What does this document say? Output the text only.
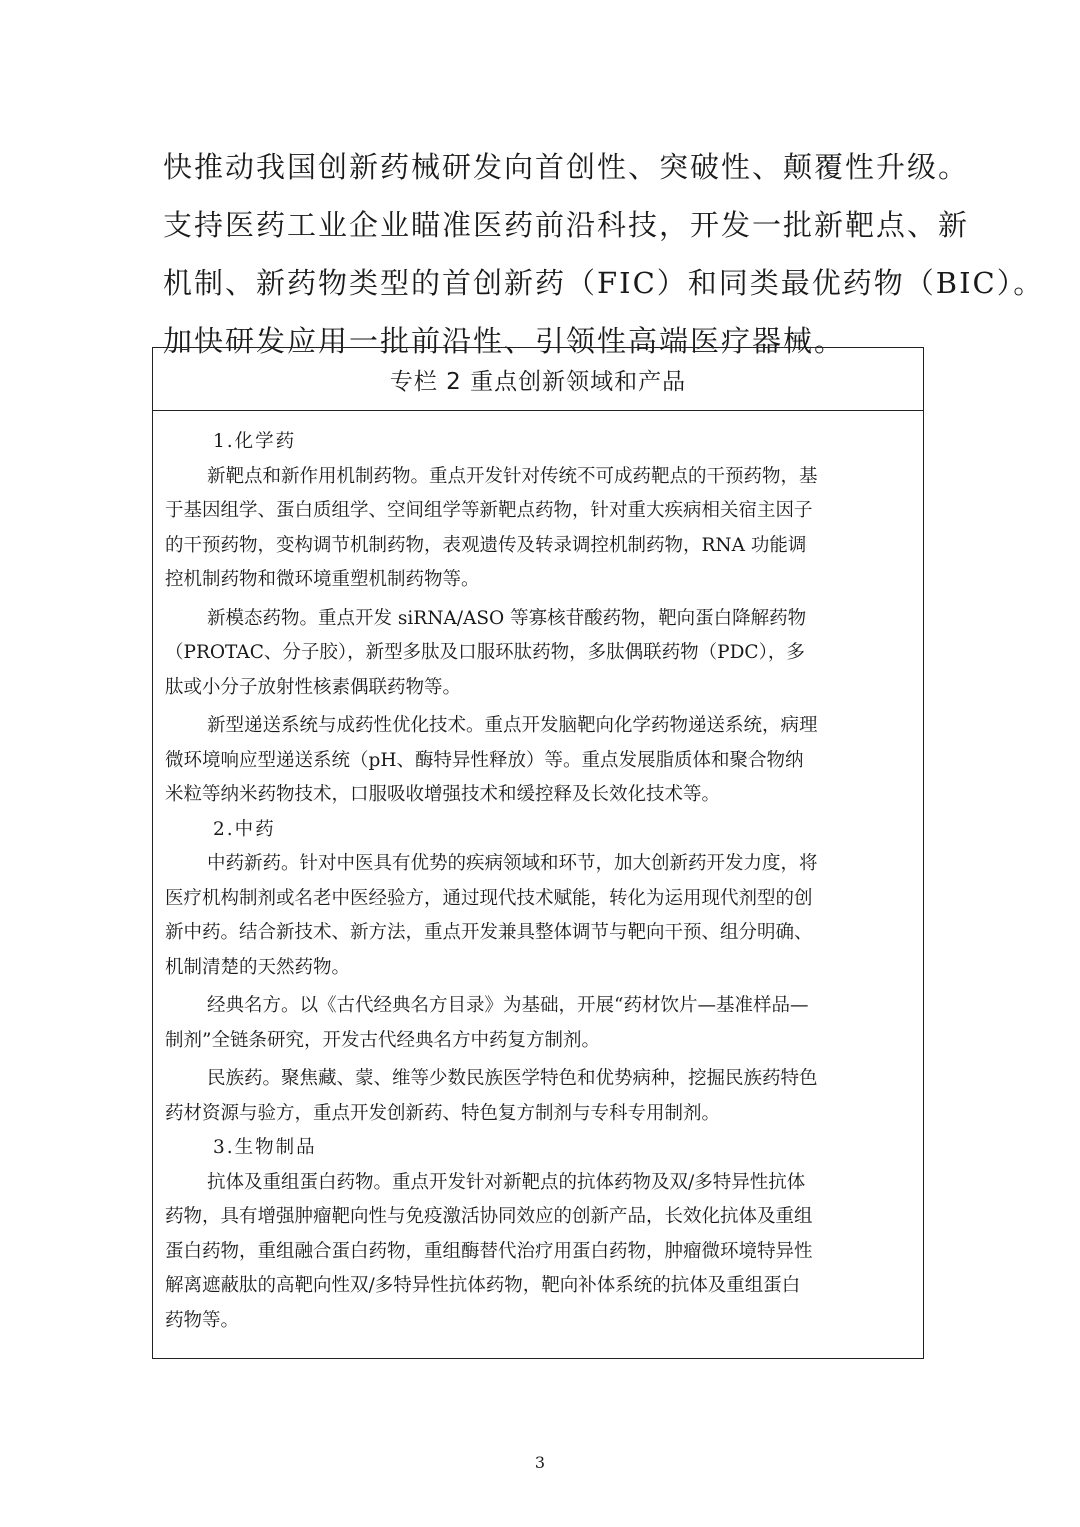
快推动我国创新药械研发向首创性、突破性、颠覆性升级。

支持医药工业企业瞄准医药前沿科技，开发一批新靶点、新

机制、新药物类型的首创新药（FIC）和同类最优药物（BIC）。

加快研发应用一批前沿性、引领性高端医疗器械。

专栏 2 重点创新领域和产品
1.化学药
新靶点和新作用机制药物。重点开发针对传统不可成药靶点的干预药物，基
于基因组学、蛋白质组学、空间组学等新靶点药物，针对重大疾病相关宿主因子
的干预药物，变构调节机制药物，表观遗传及转录调控机制药物，RNA 功能调
控机制药物和微环境重塑机制药物等。
新模态药物。重点开发 siRNA/ASO 等寡核苷酸药物，靶向蛋白降解药物
（PROTAC、分子胶），新型多肽及口服环肽药物，多肽偶联药物（PDC），多
肽或小分子放射性核素偶联药物等。
新型递送系统与成药性优化技术。重点开发脑靶向化学药物递送系统，病理
微环境响应型递送系统（pH、酶特异性释放）等。重点发展脂质体和聚合物纳
米粒等纳米药物技术，口服吸收增强技术和缓控释及长效化技术等。
2.中药
中药新药。针对中医具有优势的疾病领域和环节，加大创新药开发力度，将
医疗机构制剂或名老中医经验方，通过现代技术赋能，转化为运用现代剂型的创
新中药。结合新技术、新方法，重点开发兼具整体调节与靶向干预、组分明确、
机制清楚的天然药物。
经典名方。以《古代经典名方目录》为基础，开展“药材饮片—基准样品—
制剂”全链条研究，开发古代经典名方中药复方制剂。
民族药。聚焦藏、蒙、维等少数民族医学特色和优势病种，挖掘民族药特色
药材资源与验方，重点开发创新药、特色复方制剂与专科专用制剂。
3.生物制品
抗体及重组蛋白药物。重点开发针对新靶点的抗体药物及双/多特异性抗体
药物，具有增强肿瘤靶向性与免疫激活协同效应的创新产品，长效化抗体及重组
蛋白药物，重组融合蛋白药物，重组酶替代治疗用蛋白药物，肿瘤微环境特异性
解离遮蔽肽的高靶向性双/多特异性抗体药物，靶向补体系统的抗体及重组蛋白
药物等。
3
